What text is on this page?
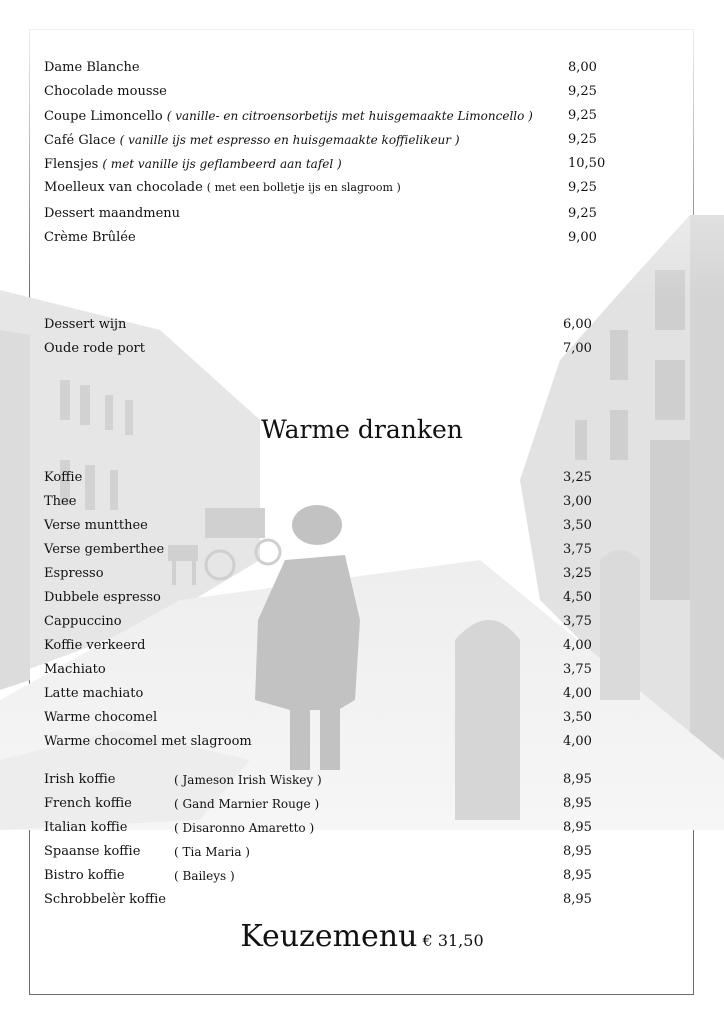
Dame Blanche	8,00
Chocolade mousse	9,25
Coupe Limoncello ( vanille- en citroensorbetijs met huisgemaakte Limoncello )	9,25
Café Glace ( vanille ijs met espresso en huisgemaakte koffielikeur )	9,25
Flensjes ( met vanille ijs geflambeerd aan tafel )	10,50
Moelleux van chocolade ( met een bolletje ijs en slagroom )	9,25
Dessert maandmenu	9,25
Crème Brûlée	9,00
Dessert wijn	6,00
Oude rode port	7,00
Warme dranken
Koffie	3,25
Thee	3,00
Verse muntthee	3,50
Verse gemberthee	3,75
Espresso	3,25
Dubbele espresso	4,50
Cappuccino	3,75
Koffie verkeerd	4,00
Machiato	3,75
Latte machiato	4,00
Warme chocomel	3,50
Warme chocomel met slagroom	4,00
Irish koffie	( Jameson Irish Wiskey )	8,95
French koffie	( Gand Marnier Rouge )	8,95
Italian koffie	( Disaronno Amaretto )	8,95
Spaanse koffie	( Tia Maria )	8,95
Bistro koffie	( Baileys )	8,95
Schrobbelèr koffie	8,95
Keuzemenu € 31,50
